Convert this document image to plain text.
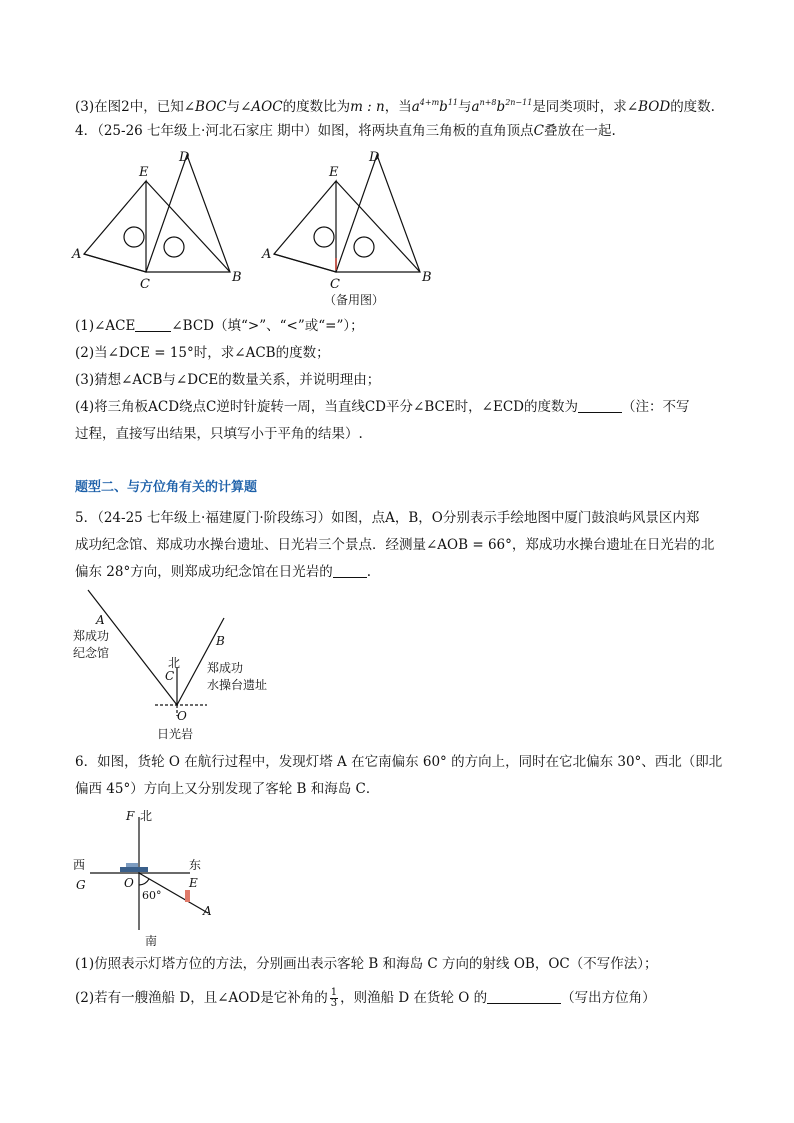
(3)在图2中，已知∠BOC与∠AOC的度数比为m : n，当$a^{4+m}b^{11}$与$a^{n+8}b^{2n-11}$是同类项时，求∠BOD的度数.
4．（25-26 七年级上·河北石家庄 期中）如图，将两块直角三角板的直角顶点C叠放在一起.
A
E
D
C	B
A
E
D
C	B
（备用图）
(1)∠ACE	∠BCD（填“>”、“<”或“=”）；
(2)当∠DCE = 15°时，求∠ACB的度数；
(3)猜想∠ACB与∠DCE的数量关系，并说明理由；
(4)将三角板ACD绕点C逆时针旋转一周，当直线CD平分∠BCE时，∠ECD的度数为	（注：不写
过程，直接写出结果，只填写小于平角的结果）.
题型二、与方位角有关的计算题
5．（24-25 七年级上·福建厦门·阶段练习）如图，点A，B，O分别表示手绘地图中厦门鼓浪屿风景区内郑
成功纪念馆、郑成功水操台遗址、日光岩三个景点．经测量∠AOB = 66°，郑成功水操台遗址在日光岩的北
偏东 28°方向，则郑成功纪念馆在日光岩的	.
A
B
C
O
北
郑成功
纪念馆
郑成功
水操台遗址
日光岩
6．如图，货轮 O 在航行过程中，发现灯塔 A 在它南偏东 60° 的方向上，同时在它北偏东 30°、西北（即北
偏西 45°）方向上又分别发现了客轮 B 和海岛 C．
F 北
西	东
G	O	E
A
60°
南
(1)仿照表示灯塔方位的方法，分别画出表示客轮 B 和海岛 C 方向的射线 OB，OC（不写作法）；
(2)若有一艘渔船 D，且∠AOD是它补角的 $\frac{1}{3}$ ，则渔船 D 在货轮 O 的	（写出方位角）
